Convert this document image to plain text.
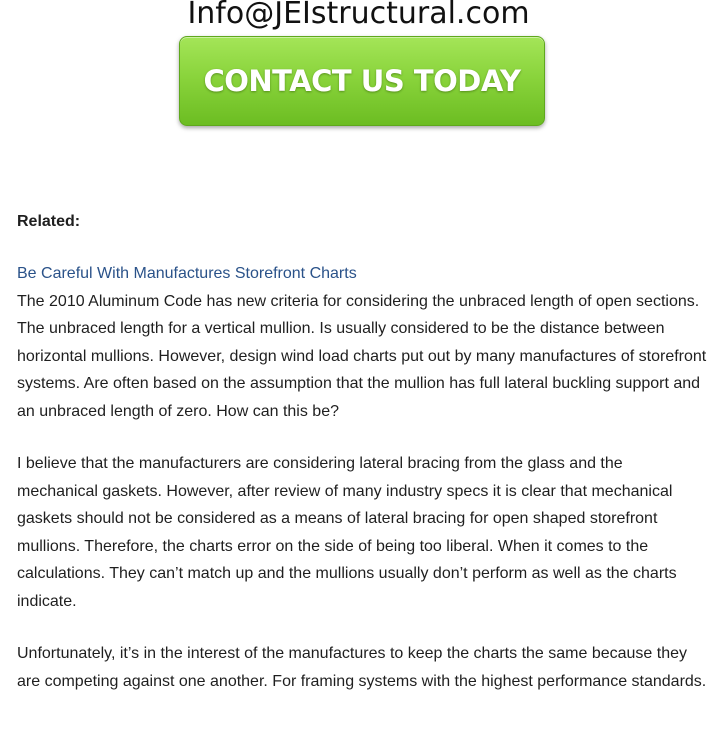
Info@JEIstructural.com
CONTACT US TODAY

Related:

Be Careful With Manufactures Storefront Charts

The 2010 Aluminum Code has new criteria for considering the unbraced length of open sections. The unbraced length for a vertical mullion. Is usually considered to be the distance between horizontal mullions. However, design wind load charts put out by many manufactures of storefront systems. Are often based on the assumption that the mullion has full lateral buckling support and an unbraced length of zero. How can this be?

I believe that the manufacturers are considering lateral bracing from the glass and the mechanical gaskets. However, after review of many industry specs it is clear that mechanical gaskets should not be considered as a means of lateral bracing for open shaped storefront mullions. Therefore, the charts error on the side of being too liberal. When it comes to the calculations. They can’t match up and the mullions usually don’t perform as well as the charts indicate.

Unfortunately, it’s in the interest of the manufactures to keep the charts the same because they are competing against one another. For framing systems with the highest performance standards.
